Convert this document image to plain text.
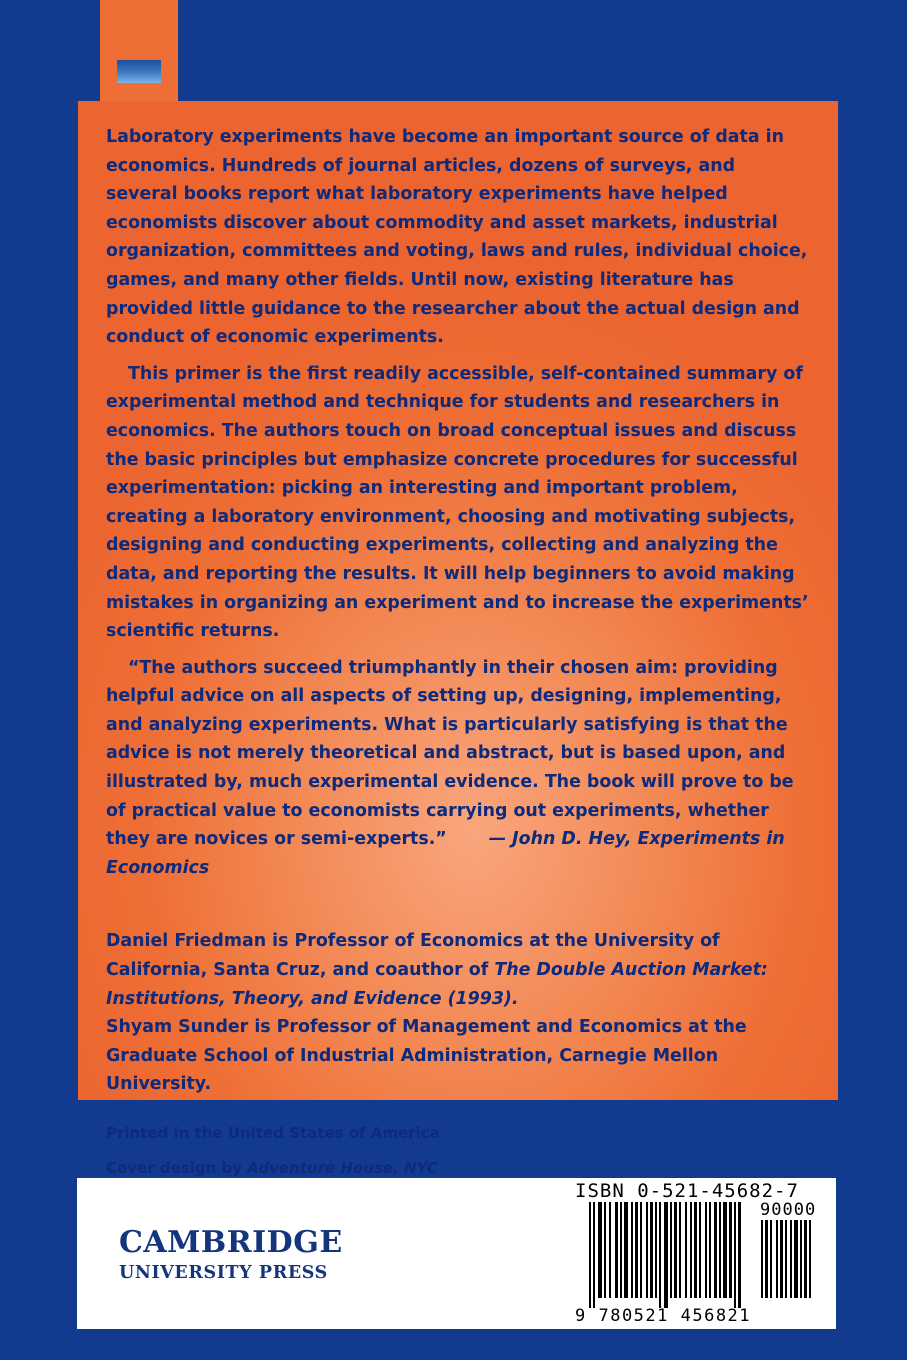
Laboratory experiments have become an important source of data in economics. Hundreds of journal articles, dozens of surveys, and several books report what laboratory experiments have helped economists discover about commodity and asset markets, industrial organization, committees and voting, laws and rules, individual choice, games, and many other fields. Until now, existing literature has provided little guidance to the researcher about the actual design and conduct of economic experiments.

This primer is the first readily accessible, self-contained summary of experimental method and technique for students and researchers in economics. The authors touch on broad conceptual issues and discuss the basic principles but emphasize concrete procedures for successful experimentation: picking an interesting and important problem, creating a laboratory environment, choosing and motivating subjects, designing and conducting experiments, collecting and analyzing the data, and reporting the results. It will help beginners to avoid making mistakes in organizing an experiment and to increase the experiments’ scientific returns.

“The authors succeed triumphantly in their chosen aim: providing helpful advice on all aspects of setting up, designing, implementing, and analyzing experiments. What is particularly satisfying is that the advice is not merely theoretical and abstract, but is based upon, and illustrated by, much experimental evidence. The book will prove to be of practical value to economists carrying out experiments, whether they are novices or semi-experts.” — John D. Hey, Experiments in Economics

Daniel Friedman is Professor of Economics at the University of California, Santa Cruz, and coauthor of The Double Auction Market: Institutions, Theory, and Evidence (1993).

Shyam Sunder is Professor of Management and Economics at the Graduate School of Industrial Administration, Carnegie Mellon University.

Printed in the United States of America

Cover design by Adventure House, NYC

CAMBRIDGE
UNIVERSITY PRESS
ISBN 0-521-45682-7
90000
9 780521 456821
